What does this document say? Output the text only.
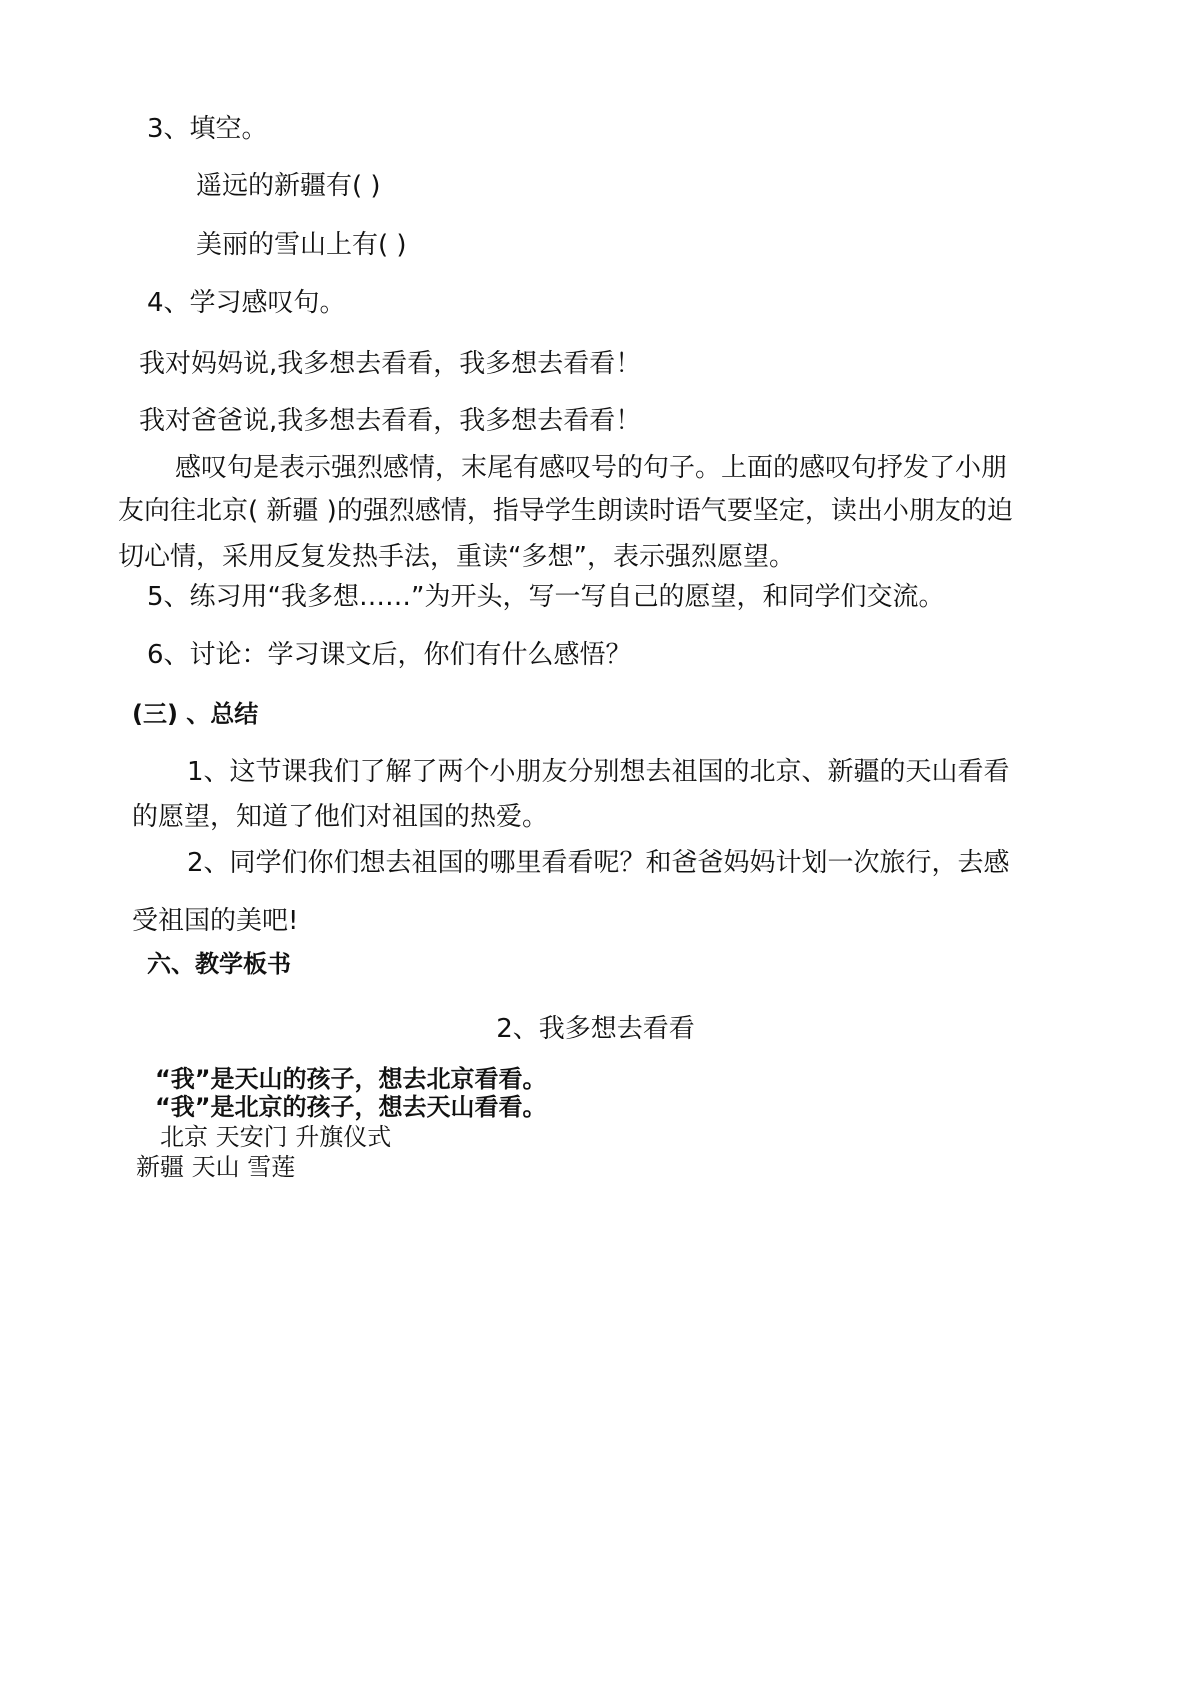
3、填空。
遥远的新疆有( )
美丽的雪山上有( )
4、学习感叹句。
我对妈妈说,我多想去看看，我多想去看看！
我对爸爸说,我多想去看看，我多想去看看！
感叹句是表示强烈感情，末尾有感叹号的句子。上面的感叹句抒发了小朋
友向往北京( 新疆 )的强烈感情，指导学生朗读时语气要坚定，读出小朋友的迫
切心情，采用反复发热手法，重读“多想”，表示强烈愿望。
5、练习用“我多想……”为开头，写一写自己的愿望，和同学们交流。
6、讨论：学习课文后，你们有什么感悟？
(三) 、总结
1、这节课我们了解了两个小朋友分别想去祖国的北京、新疆的天山看看
的愿望，知道了他们对祖国的热爱。
2、同学们你们想去祖国的哪里看看呢？和爸爸妈妈计划一次旅行，去感
受祖国的美吧!
六、教学板书
2、我多想去看看
“我”是天山的孩子，想去北京看看。
“我”是北京的孩子，想去天山看看。
北京 天安门 升旗仪式
新疆 天山 雪莲
